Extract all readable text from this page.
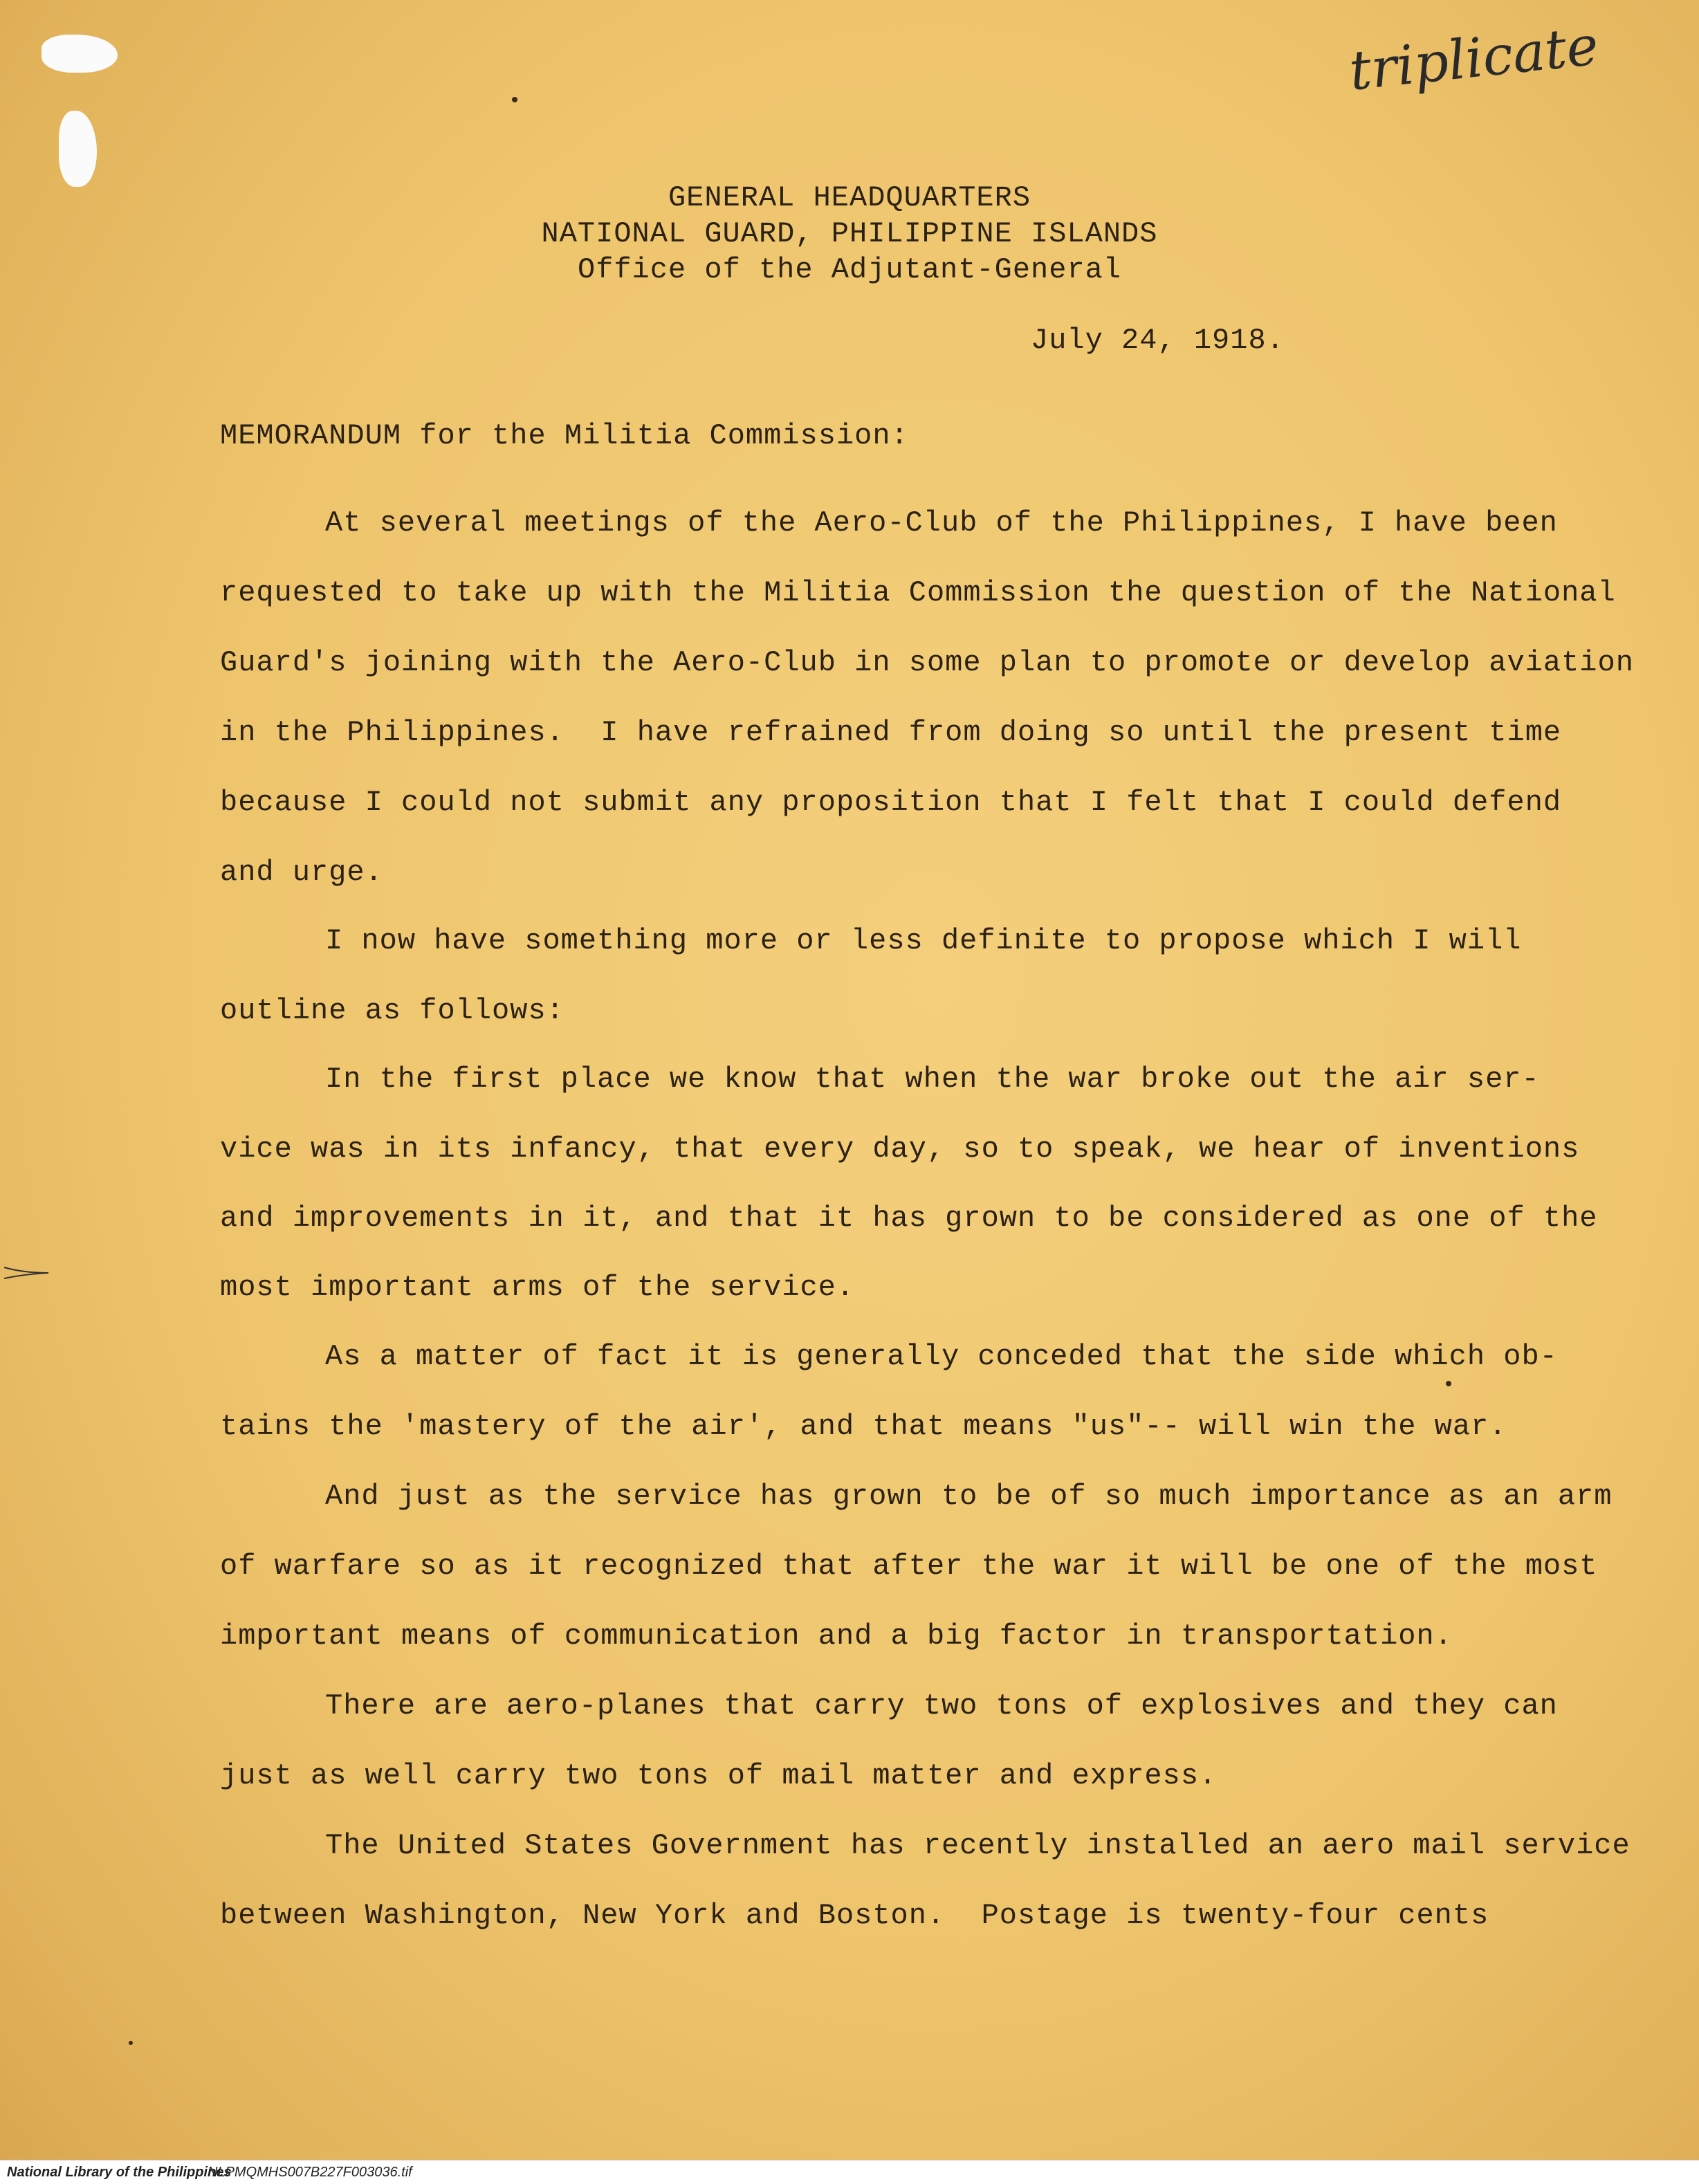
triplicate
GENERAL HEADQUARTERS
NATIONAL GUARD, PHILIPPINE ISLANDS
Office of the Adjutant-General
July 24, 1918.
MEMORANDUM for the Militia Commission:
At several meetings of the Aero-Club of the Philippines, I have been
requested to take up with the Militia Commission the question of the National
Guard's joining with the Aero-Club in some plan to promote or develop aviation
in the Philippines.  I have refrained from doing so until the present time
because I could not submit any proposition that I felt that I could defend
and urge.
I now have something more or less definite to propose which I will
outline as follows:
In the first place we know that when the war broke out the air ser-
vice was in its infancy, that every day, so to speak, we hear of inventions
and improvements in it, and that it has grown to be considered as one of the
most important arms of the service.
As a matter of fact it is generally conceded that the side which ob-
tains the 'mastery of the air', and that means "us"-- will win the war.
And just as the service has grown to be of so much importance as an arm
of warfare so as it recognized that after the war it will be one of the most
important means of communication and a big factor in transportation.
There are aero-planes that carry two tons of explosives and they can
just as well carry two tons of mail matter and express.
The United States Government has recently installed an aero mail service
between Washington, New York and Boston.  Postage is twenty-four cents
National Library of the Philippines
NLPMQMHS007B227F003036.tif
